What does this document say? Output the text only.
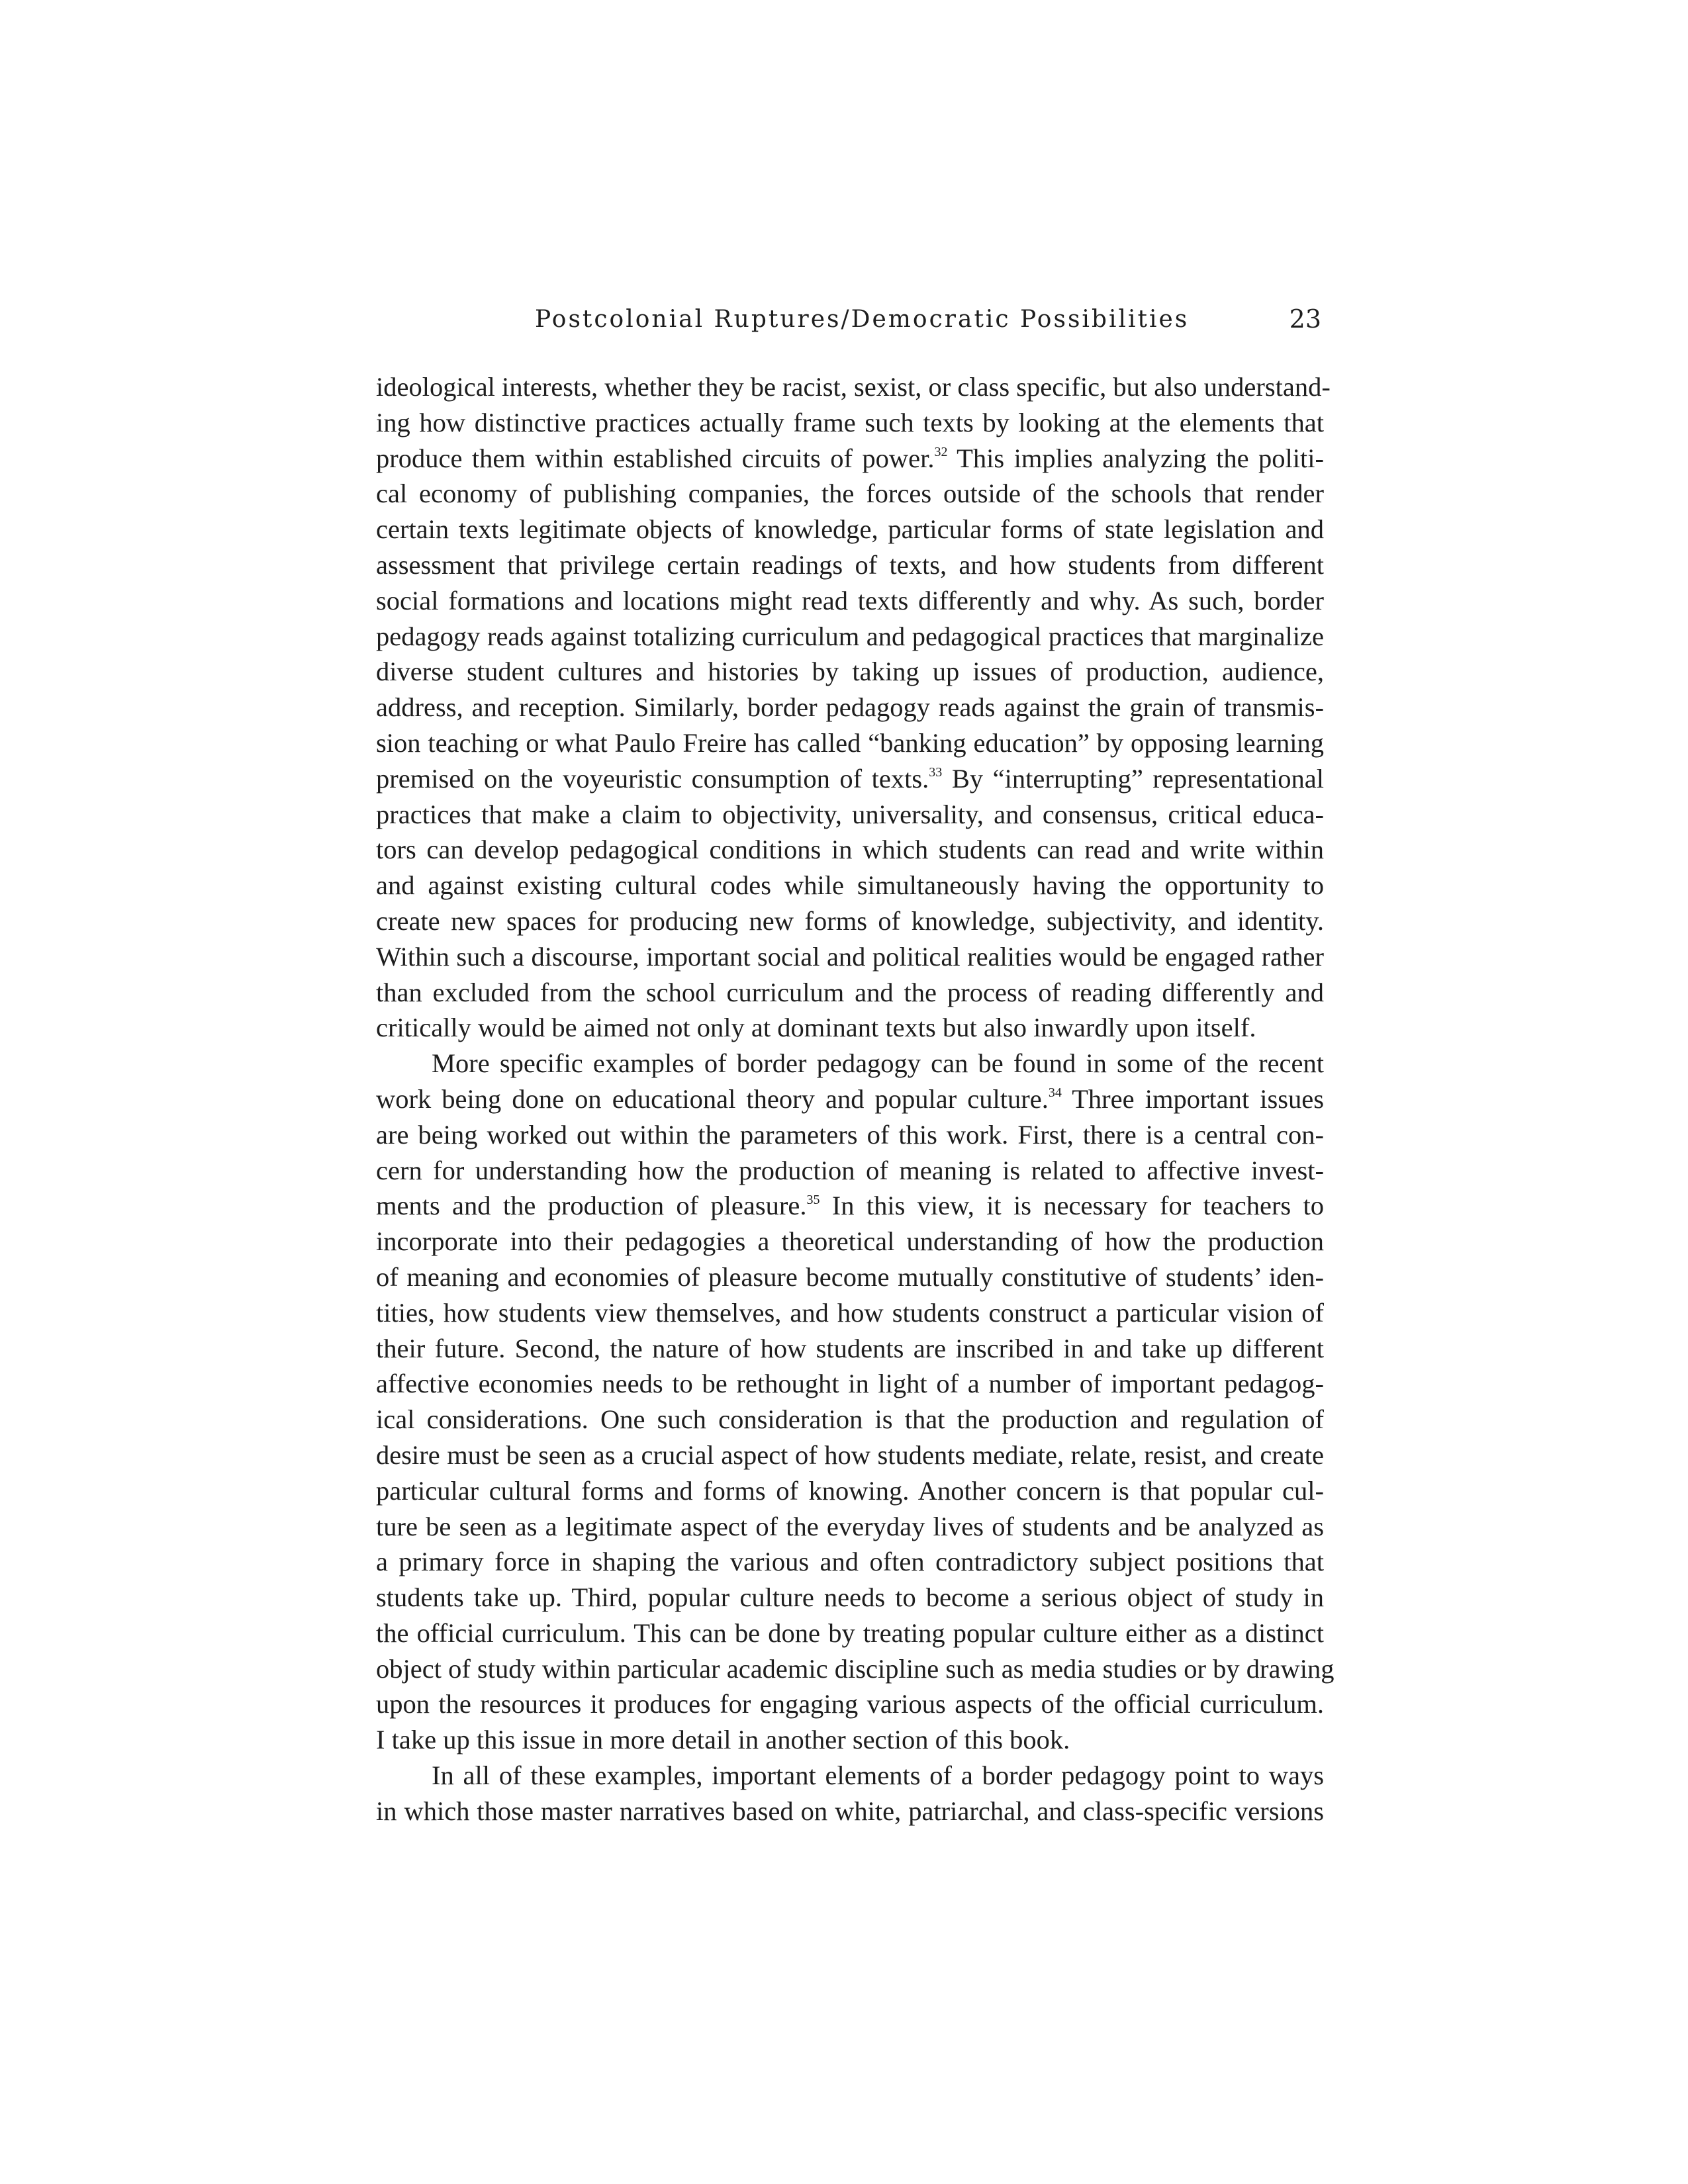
Postcolonial Ruptures/Democratic Possibilities	23
ideological interests, whether they be racist, sexist, or class specific, but also understand-
ing how distinctive practices actually frame such texts by looking at the elements that
produce them within established circuits of power.$^{32}$ This implies analyzing the politi-
cal economy of publishing companies, the forces outside of the schools that render
certain texts legitimate objects of knowledge, particular forms of state legislation and
assessment that privilege certain readings of texts, and how students from different
social formations and locations might read texts differently and why. As such, border
pedagogy reads against totalizing curriculum and pedagogical practices that marginalize
diverse student cultures and histories by taking up issues of production, audience,
address, and reception. Similarly, border pedagogy reads against the grain of transmis-
sion teaching or what Paulo Freire has called “banking education” by opposing learning
premised on the voyeuristic consumption of texts.$^{33}$ By “interrupting” representational
practices that make a claim to objectivity, universality, and consensus, critical educa-
tors can develop pedagogical conditions in which students can read and write within
and against existing cultural codes while simultaneously having the opportunity to
create new spaces for producing new forms of knowledge, subjectivity, and identity.
Within such a discourse, important social and political realities would be engaged rather
than excluded from the school curriculum and the process of reading differently and
critically would be aimed not only at dominant texts but also inwardly upon itself.
More specific examples of border pedagogy can be found in some of the recent
work being done on educational theory and popular culture.$^{34}$ Three important issues
are being worked out within the parameters of this work. First, there is a central con-
cern for understanding how the production of meaning is related to affective invest-
ments and the production of pleasure.$^{35}$ In this view, it is necessary for teachers to
incorporate into their pedagogies a theoretical understanding of how the production
of meaning and economies of pleasure become mutually constitutive of students’ iden-
tities, how students view themselves, and how students construct a particular vision of
their future. Second, the nature of how students are inscribed in and take up different
affective economies needs to be rethought in light of a number of important pedagog-
ical considerations. One such consideration is that the production and regulation of
desire must be seen as a crucial aspect of how students mediate, relate, resist, and create
particular cultural forms and forms of knowing. Another concern is that popular cul-
ture be seen as a legitimate aspect of the everyday lives of students and be analyzed as
a primary force in shaping the various and often contradictory subject positions that
students take up. Third, popular culture needs to become a serious object of study in
the official curriculum. This can be done by treating popular culture either as a distinct
object of study within particular academic discipline such as media studies or by drawing
upon the resources it produces for engaging various aspects of the official curriculum.
I take up this issue in more detail in another section of this book.
In all of these examples, important elements of a border pedagogy point to ways
in which those master narratives based on white, patriarchal, and class-specific versions
